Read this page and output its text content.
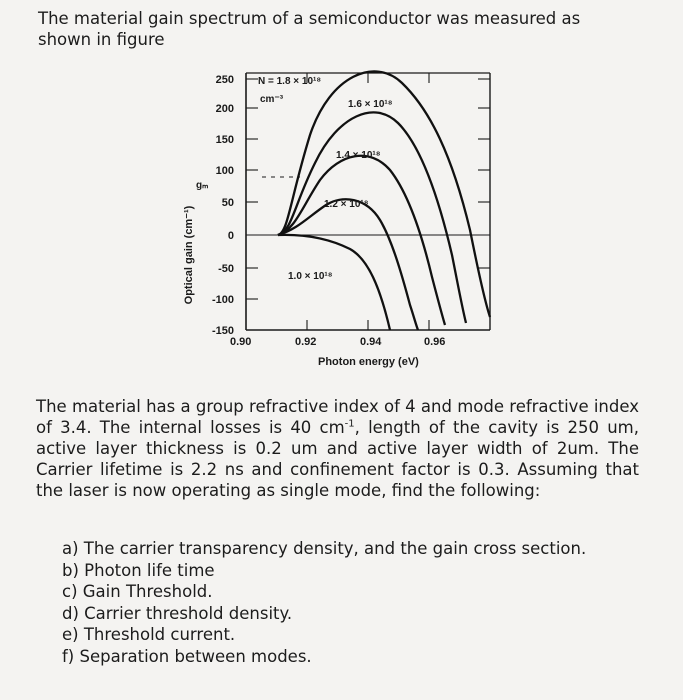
The material gain spectrum of a semiconductor was measured as
shown in figure
Optical gain (cm⁻¹)
gₘ
250
200
150
100
50
0
-50
-100
-150
N = 1.8 × 10¹⁸
cm⁻³	1.6 × 10¹⁸
1.4 × 10¹⁸
1.2 × 10¹⁸
1.0 × 10¹⁸
0.90	0.92	0.94	0.96
Photon energy (eV)
The material has a group refractive index of 4 and mode refractive index of 3.4. The internal losses is 40 $cm^{-1}$, length of the cavity is 250 um, active layer thickness is 0.2 um and active layer width of 2um. The Carrier lifetime is 2.2 ns and confinement factor is 0.3. Assuming that the laser is now operating as single mode, find the following:
a) The carrier transparency density, and the gain cross section.
b) Photon life time
c) Gain Threshold.
d) Carrier threshold density.
e) Threshold current.
f) Separation between modes.
